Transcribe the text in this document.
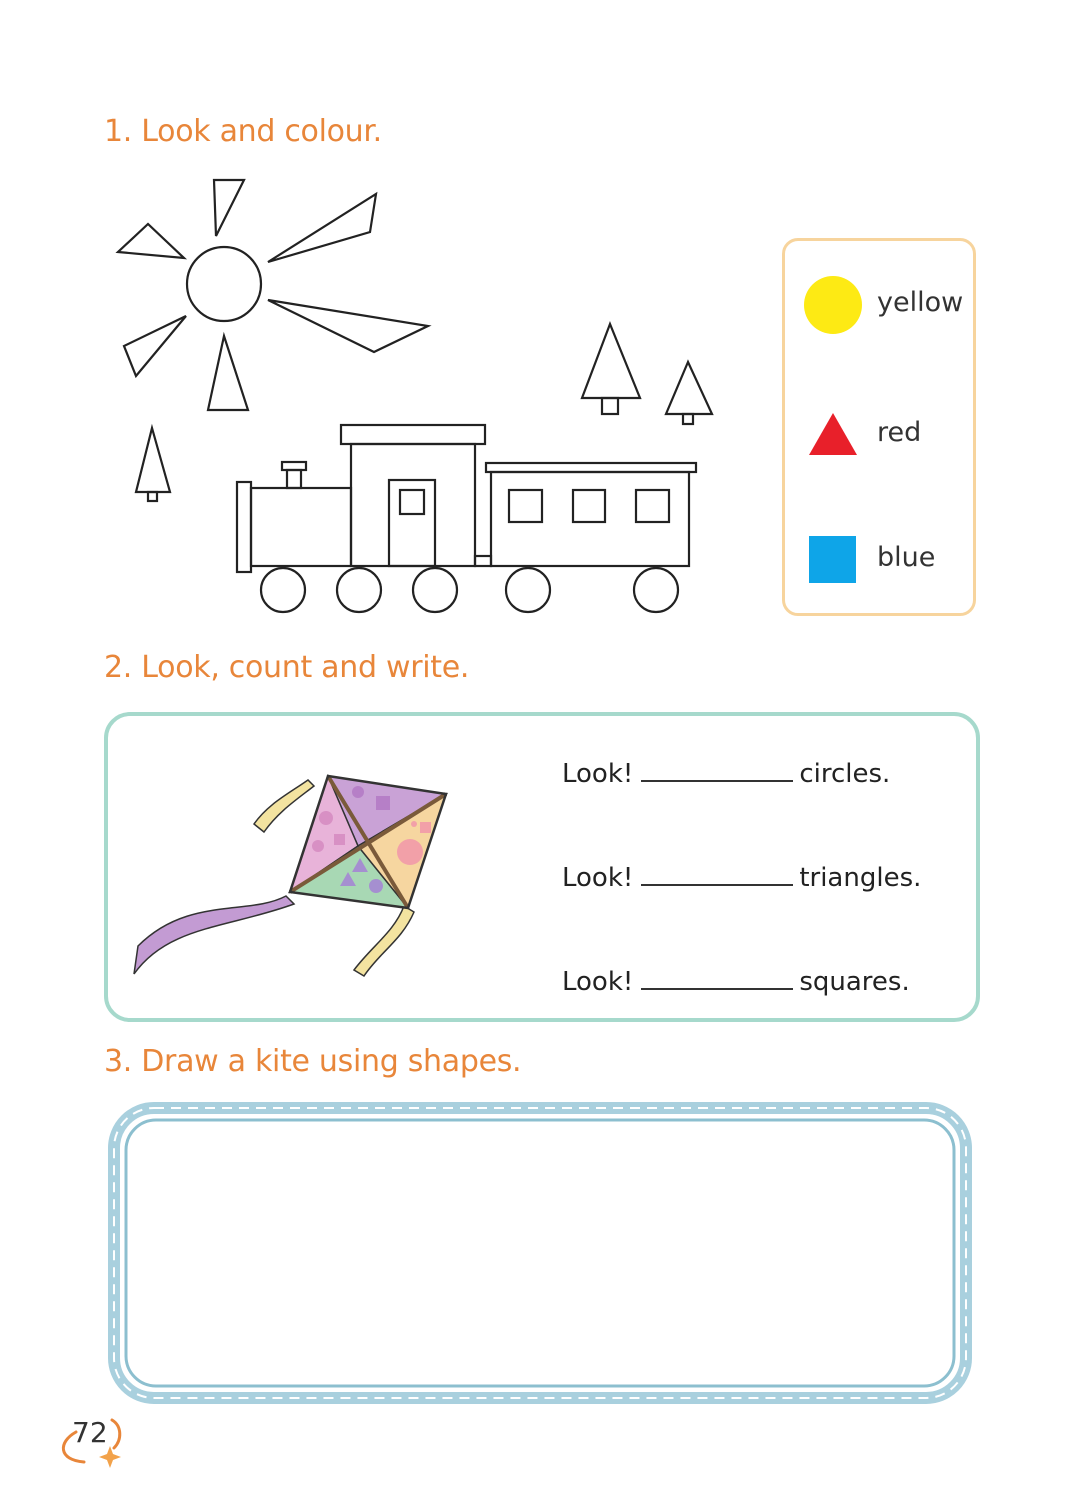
1. Look and colour.
yellow
red
blue
2. Look, count and write.
Look!	circles.
Look!	triangles.
Look!	squares.
3. Draw a kite using shapes.
72
